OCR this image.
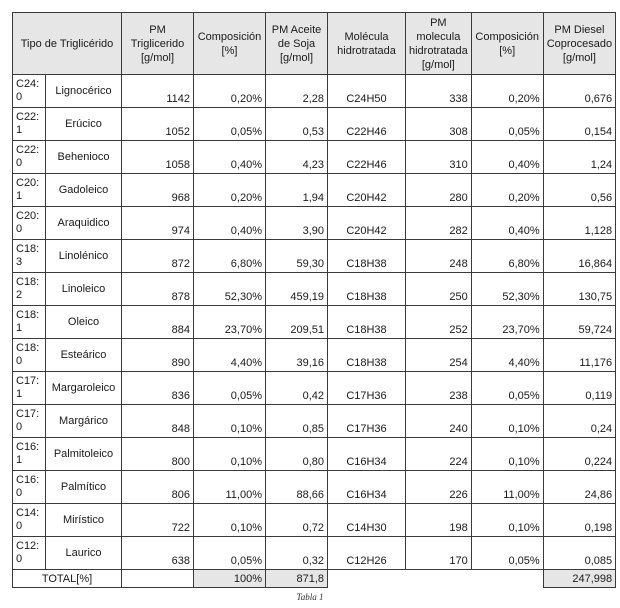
Tipo de Triglicérido		PM Triglicerido [g/mol]	Composición [%]	PM Aceite de Soja [g/mol]	Molécula hidrotratada	PM molecula hidrotratada [g/mol]	Composición [%]	PM Diesel Coprocesado [g/mol]

C24:
0	Lignocérico	1142	0,20%	2,28	C24H50	338	0,20%	0,676

C22:
1	Erúcico	1052	0,05%	0,53	C22H46	308	0,05%	0,154

C22:
0	Behenioco	1058	0,40%	4,23	C22H46	310	0,40%	1,24

C20:
1	Gadoleico	968	0,20%	1,94	C20H42	280	0,20%	0,56

C20:
0	Araquidico	974	0,40%	3,90	C20H42	282	0,40%	1,128

C18:
3	Linolénico	872	6,80%	59,30	C18H38	248	6,80%	16,864

C18:
2	Linoleico	878	52,30%	459,19	C18H38	250	52,30%	130,75

C18:
1	Oleico	884	23,70%	209,51	C18H38	252	23,70%	59,724

C18:
0	Esteárico	890	4,40%	39,16	C18H38	254	4,40%	11,176

C17:
1	Margaroleico	836	0,05%	0,42	C17H36	238	0,05%	0,119

C17:
0	Margárico	848	0,10%	0,85	C17H36	240	0,10%	0,24

C16:
1	Palmitoleico	800	0,10%	0,80	C16H34	224	0,10%	0,224

C16:
0	Palmítico	806	11,00%	88,66	C16H34	226	11,00%	24,86

C14:
0	Mirístico	722	0,10%	0,72	C14H30	198	0,10%	0,198

C12:
0	Laurico	638	0,05%	0,32	C12H26	170	0,05%	0,085
TOTAL[%]			100%	871,8				247,998
Tabla 1
